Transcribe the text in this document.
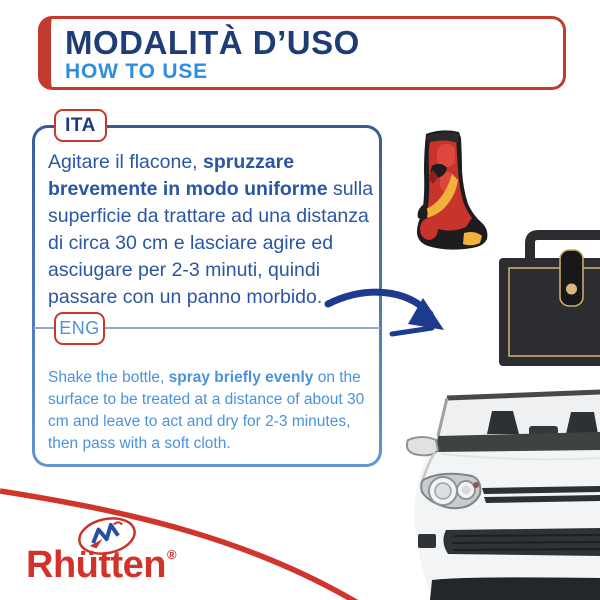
MODALITÀ D’USO
HOW TO USE
ITA
Agitare il flacone, spruzzare brevemente in modo uniforme sulla superficie da trattare ad una distanza di circa 30 cm e lasciare agire ed asciugare per 2-3 minuti, quindi passare con un panno morbido.
ENG
Shake the bottle, spray briefly evenly on the surface to be treated at a distance of about 30 cm and leave to act and dry for 2-3 minutes, then pass with a soft cloth.
Rhütten®
